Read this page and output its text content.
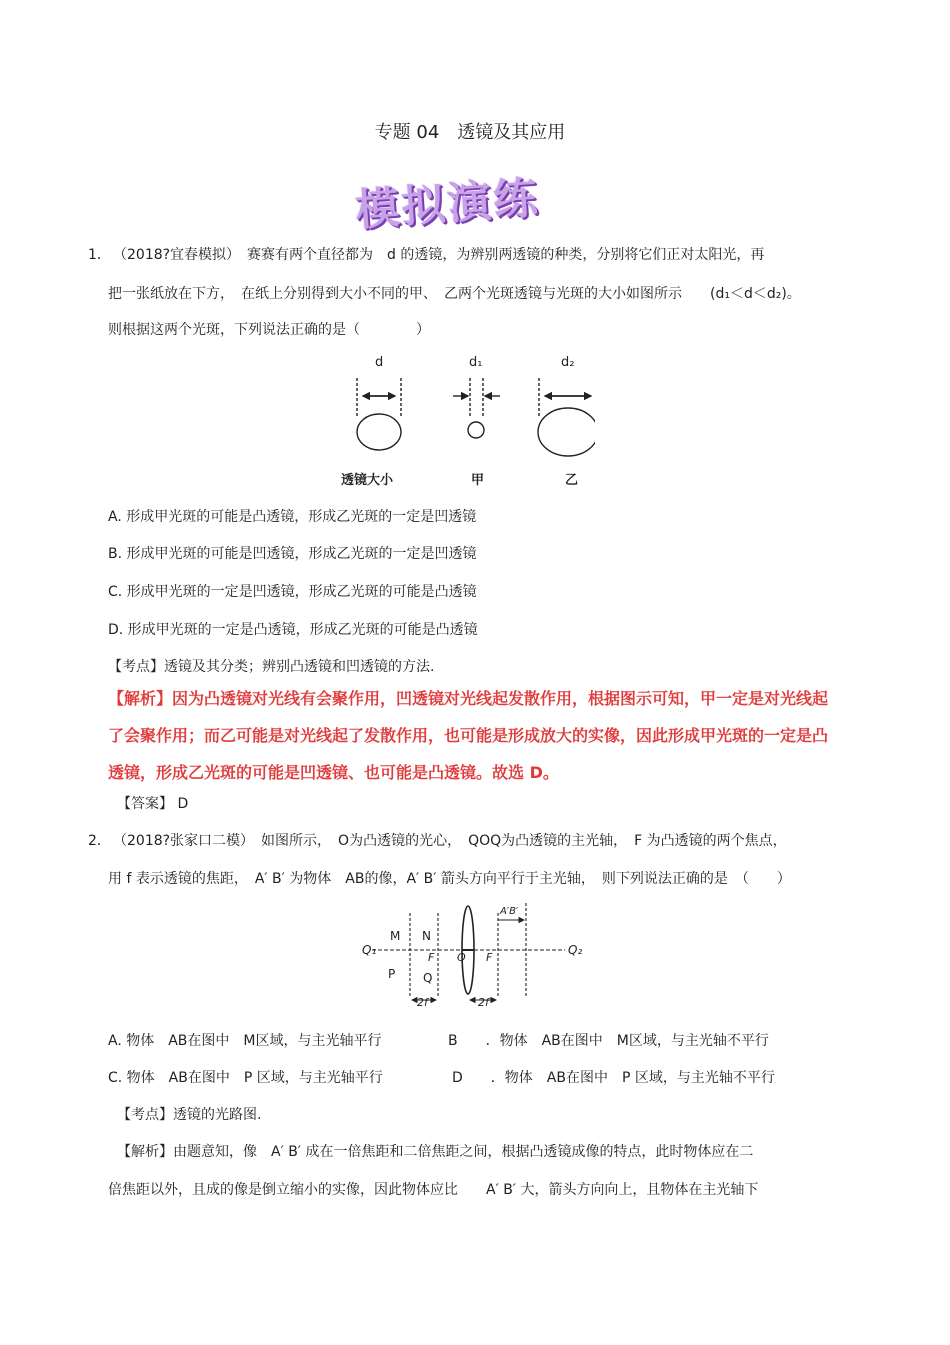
专题 04　透镜及其应用
模拟演练
1． （2018?宜春模拟）　赛赛有两个直径都为　d 的透镜，为辨别两透镜的种类，分别将它们正对太阳光，再
把一张纸放在下方，　在纸上分别得到大小不同的甲、　乙两个光斑透镜与光斑的大小如图所示　　(d₁＜d＜d₂)。
则根据这两个光斑，下列说法正确的是（　　　　）
d	d₁	d₂
透镜大小	甲	乙
A. 形成甲光斑的可能是凸透镜，形成乙光斑的一定是凹透镜
B. 形成甲光斑的可能是凹透镜，形成乙光斑的一定是凹透镜
C. 形成甲光斑的一定是凹透镜，形成乙光斑的可能是凸透镜
D. 形成甲光斑的一定是凸透镜，形成乙光斑的可能是凸透镜
【考点】透镜及其分类；辨别凸透镜和凹透镜的方法.
【解析】因为凸透镜对光线有会聚作用，凹透镜对光线起发散作用，根据图示可知，甲一定是对光线起
了会聚作用；而乙可能是对光线起了发散作用，也可能是形成放大的实像，因此形成甲光斑的一定是凸
透镜，形成乙光斑的可能是凹透镜、也可能是凸透镜。故选 D。
【答案】 D
2． （2018?张家口二模）　如图所示，　O为凸透镜的光心，　QOQ为凸透镜的主光轴，　F 为凸透镜的两个焦点，
用 f 表示透镜的焦距，　A′ B′ 为物体　AB的像，A′ B′ 箭头方向平行于主光轴，　则下列说法正确的是　（　　）
Q₁	Q₂
M N
P Q
F O F
2f	2f
A′B′
A. 物体　AB在图中　M区域，与主光轴平行	B　　．物体　AB在图中　M区域，与主光轴不平行
C. 物体　AB在图中　P 区域，与主光轴平行	D　　．物体　AB在图中　P 区域，与主光轴不平行
【考点】透镜的光路图.
【解析】由题意知，像　A′ B′ 成在一倍焦距和二倍焦距之间，根据凸透镜成像的特点，此时物体应在二
倍焦距以外，且成的像是倒立缩小的实像，因此物体应比　　A′ B′ 大，箭头方向向上，且物体在主光轴下
